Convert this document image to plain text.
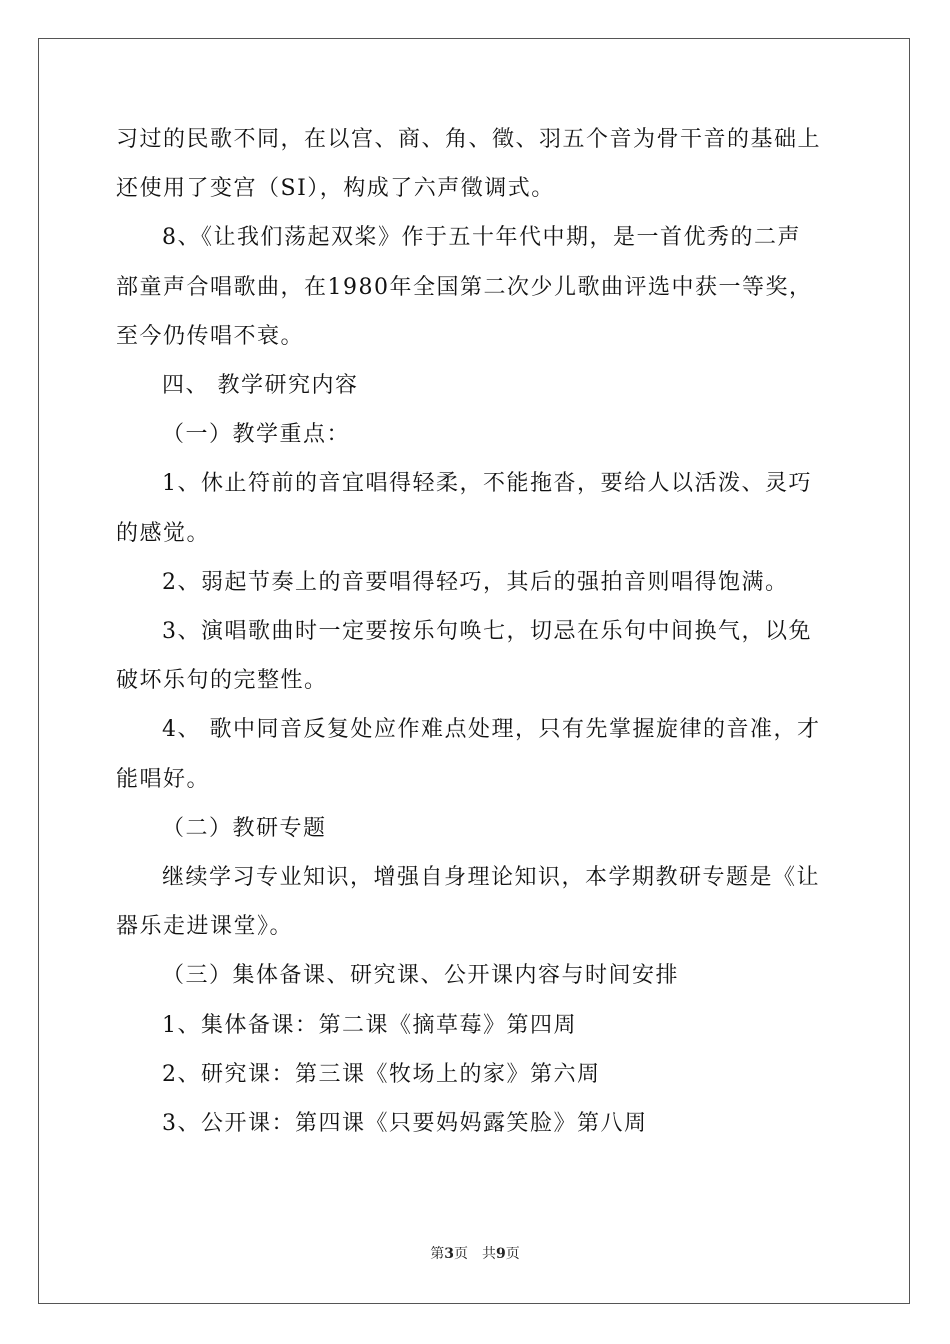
习过的民歌不同，在以宫、商、角、徵、羽五个音为骨干音的基础上
还使用了变宫（SI），构成了六声徵调式。
8、《让我们荡起双桨》作于五十年代中期，是一首优秀的二声
部童声合唱歌曲，在1980年全国第二次少儿歌曲评选中获一等奖，
至今仍传唱不衰。
四、 教学研究内容
（一）教学重点：
1、休止符前的音宜唱得轻柔，不能拖沓，要给人以活泼、灵巧
的感觉。
2、弱起节奏上的音要唱得轻巧，其后的强拍音则唱得饱满。
3、演唱歌曲时一定要按乐句唤七，切忌在乐句中间换气，以免
破坏乐句的完整性。
4、 歌中同音反复处应作难点处理，只有先掌握旋律的音准，才
能唱好。
（二）教研专题
继续学习专业知识，增强自身理论知识，本学期教研专题是《让
器乐走进课堂》。
（三）集体备课、研究课、公开课内容与时间安排
1、集体备课：第二课《摘草莓》第四周
2、研究课：第三课《牧场上的家》第六周
3、公开课：第四课《只要妈妈露笑脸》第八周
第3页　共9页
